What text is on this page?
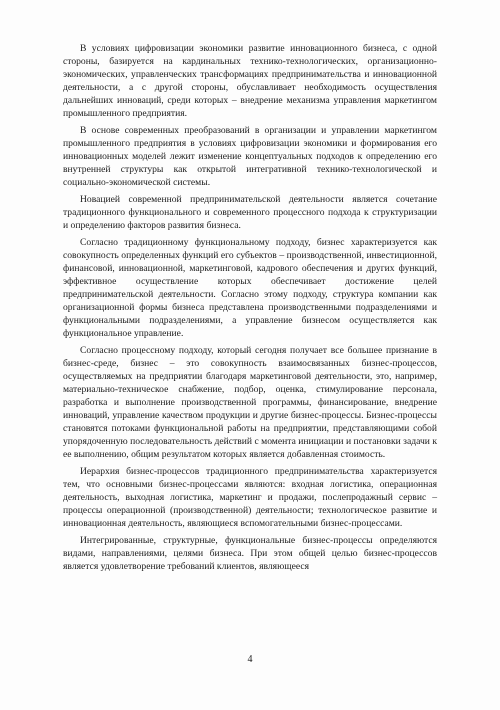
В условиях цифровизации экономики развитие инновационного бизнеса, с одной стороны, базируется на кардинальных технико-технологических, организационно-экономических, управленческих трансформациях предпринимательства и инновационной деятельности, а с другой стороны, обуславливает необходимость осуществления дальнейших инноваций, среди которых – внедрение механизма управления маркетингом промышленного предприятия.

В основе современных преобразований в организации и управлении маркетингом промышленного предприятия в условиях цифровизации экономики и формирования его инновационных моделей лежит изменение концептуальных подходов к определению его внутренней структуры как открытой интегративной технико-технологической и социально-экономической системы.

Новацией современной предпринимательской деятельности является сочетание традиционного функционального и современного процессного подхода к структуризации и определению факторов развития бизнеса.

Согласно традиционному функциональному подходу, бизнес характеризуется как совокупность определенных функций его субъектов – производственной, инвестиционной, финансовой, инновационной, маркетинговой, кадрового обеспечения и других функций, эффективное осуществление которых обеспечивает достижение целей предпринимательской деятельности. Согласно этому подходу, структура компании как организационной формы бизнеса представлена производственными подразделениями и функциональными подразделениями, а управление бизнесом осуществляется как функциональное управление.

Согласно процессному подходу, который сегодня получает все большее признание в бизнес-среде, бизнес – это совокупность взаимосвязанных бизнес-процессов, осуществляемых на предприятии благодаря маркетинговой деятельности, это, например, материально-техническое снабжение, подбор, оценка, стимулирование персонала, разработка и выполнение производственной программы, финансирование, внедрение инноваций, управление качеством продукции и другие бизнес-процессы. Бизнес-процессы становятся потоками функциональной работы на предприятии, представляющими собой упорядоченную последовательность действий с момента инициации и постановки задачи к ее выполнению, общим результатом которых является добавленная стоимость.

Иерархия бизнес-процессов традиционного предпринимательства характеризуется тем, что основными бизнес-процессами являются: входная логистика, операционная деятельность, выходная логистика, маркетинг и продажи, послепродажный сервис – процессы операционной (производственной) деятельности; технологическое развитие и инновационная деятельность, являющиеся вспомогательными бизнес-процессами.

Интегрированные, структурные, функциональные бизнес-процессы определяются видами, направлениями, целями бизнеса. При этом общей целью бизнес-процессов является удовлетворение требований клиентов, являющееся

4
